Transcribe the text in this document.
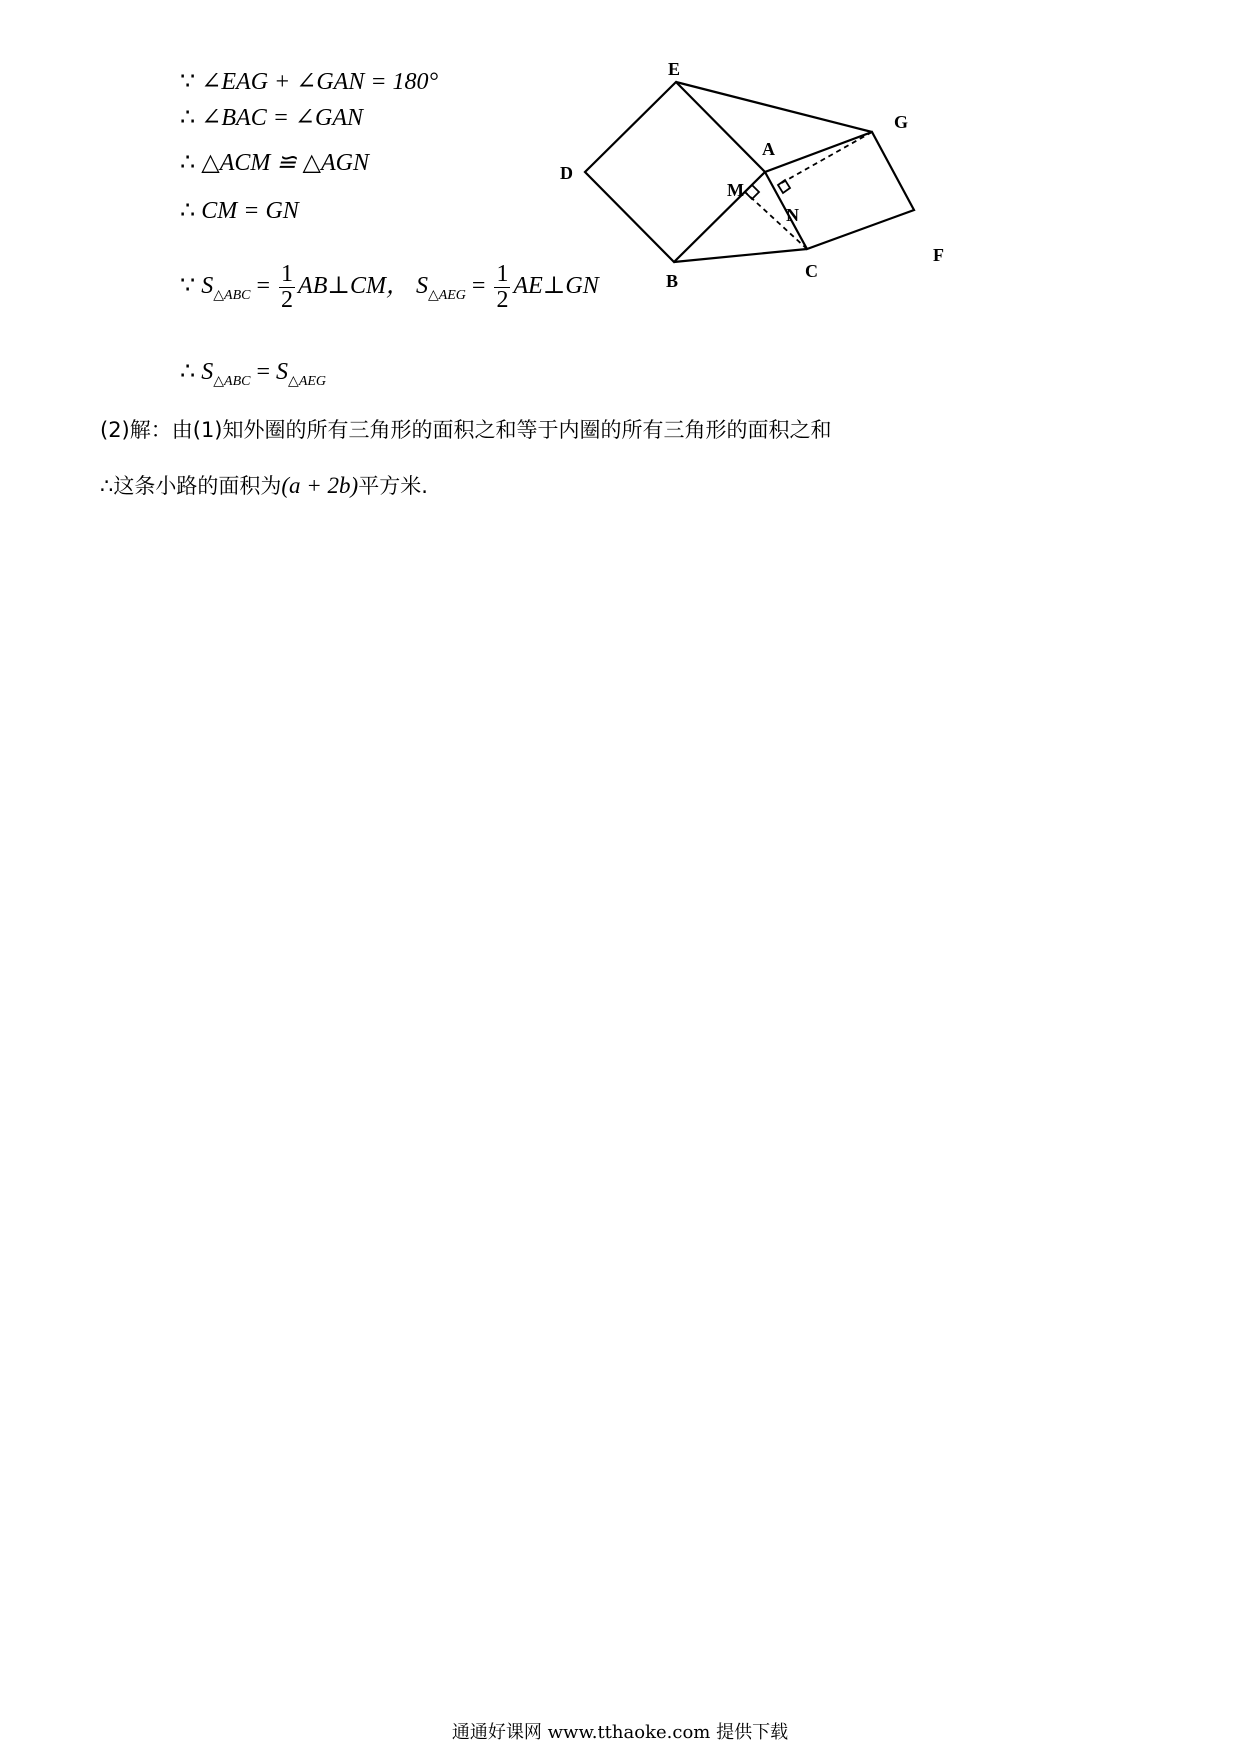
∵ ∠EAG + ∠GAN = 180°
∴ ∠BAC = ∠GAN
∴ △ACM ≌ △AGN
∴ CM = GN
∵ $S_{\triangle ABC} = \frac{1}{2}$ AB⊥CM， $S_{\triangle AEG} = \frac{1}{2}$ AE⊥GN
∴ $S_{\triangle ABC} = S_{\triangle AEG}$
(2)解：由(1)知外圈的所有三角形的面积之和等于内圈的所有三角形的面积之和
∴这条小路的面积为(a + 2b)平方米.
E
G
A
D
M
N
F
B	C
通通好课网 www.tthaoke.com 提供下载
